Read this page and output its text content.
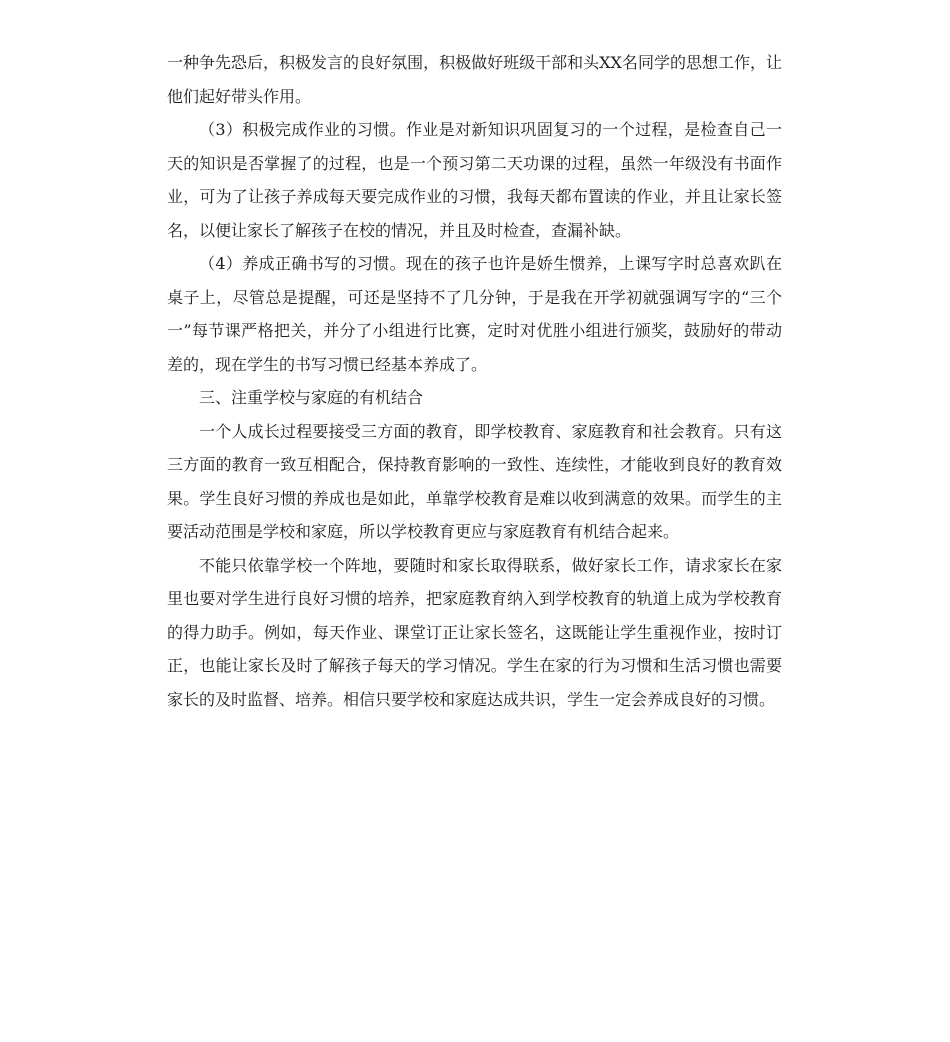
一种争先恐后，积极发言的良好氛围，积极做好班级干部和头XX名同学的思想工作，让他们起好带头作用。

（3）积极完成作业的习惯。作业是对新知识巩固复习的一个过程，是检查自己一天的知识是否掌握了的过程，也是一个预习第二天功课的过程，虽然一年级没有书面作业，可为了让孩子养成每天要完成作业的习惯，我每天都布置读的作业，并且让家长签名，以便让家长了解孩子在校的情况，并且及时检查，查漏补缺。

（4）养成正确书写的习惯。现在的孩子也许是娇生惯养，上课写字时总喜欢趴在桌子上，尽管总是提醒，可还是坚持不了几分钟，于是我在开学初就强调写字的“三个一”每节课严格把关，并分了小组进行比赛，定时对优胜小组进行颁奖，鼓励好的带动差的，现在学生的书写习惯已经基本养成了。

三、注重学校与家庭的有机结合

一个人成长过程要接受三方面的教育，即学校教育、家庭教育和社会教育。只有这三方面的教育一致互相配合，保持教育影响的一致性、连续性，才能收到良好的教育效果。学生良好习惯的养成也是如此，单靠学校教育是难以收到满意的效果。而学生的主要活动范围是学校和家庭，所以学校教育更应与家庭教育有机结合起来。

不能只依靠学校一个阵地，要随时和家长取得联系，做好家长工作，请求家长在家里也要对学生进行良好习惯的培养，把家庭教育纳入到学校教育的轨道上成为学校教育的得力助手。例如，每天作业、课堂订正让家长签名，这既能让学生重视作业，按时订正，也能让家长及时了解孩子每天的学习情况。学生在家的行为习惯和生活习惯也需要家长的及时监督、培养。相信只要学校和家庭达成共识，学生一定会养成良好的习惯。
